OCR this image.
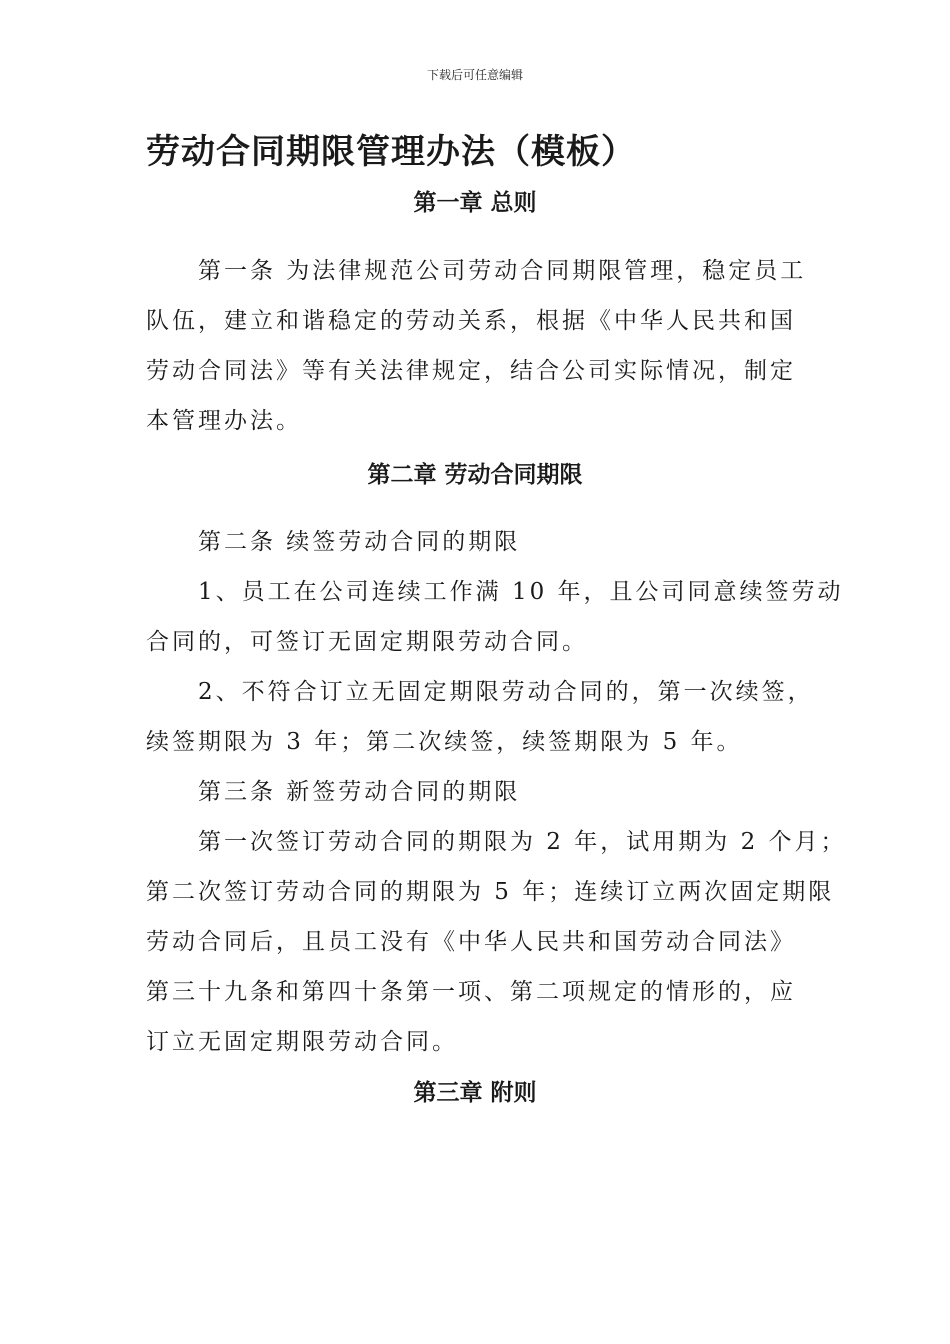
下载后可任意编辑
劳动合同期限管理办法（模板）
第一章 总则
第一条 为法律规范公司劳动合同期限管理，稳定员工
队伍，建立和谐稳定的劳动关系，根据《中华人民共和国
劳动合同法》等有关法律规定，结合公司实际情况，制定
本管理办法。
第二章 劳动合同期限
第二条 续签劳动合同的期限
1、员工在公司连续工作满 10 年，且公司同意续签劳动
合同的，可签订无固定期限劳动合同。
2、不符合订立无固定期限劳动合同的，第一次续签，
续签期限为 3 年；第二次续签，续签期限为 5 年。
第三条 新签劳动合同的期限
第一次签订劳动合同的期限为 2 年，试用期为 2 个月；
第二次签订劳动合同的期限为 5 年；连续订立两次固定期限
劳动合同后，且员工没有《中华人民共和国劳动合同法》
第三十九条和第四十条第一项、第二项规定的情形的，应
订立无固定期限劳动合同。
第三章 附则
